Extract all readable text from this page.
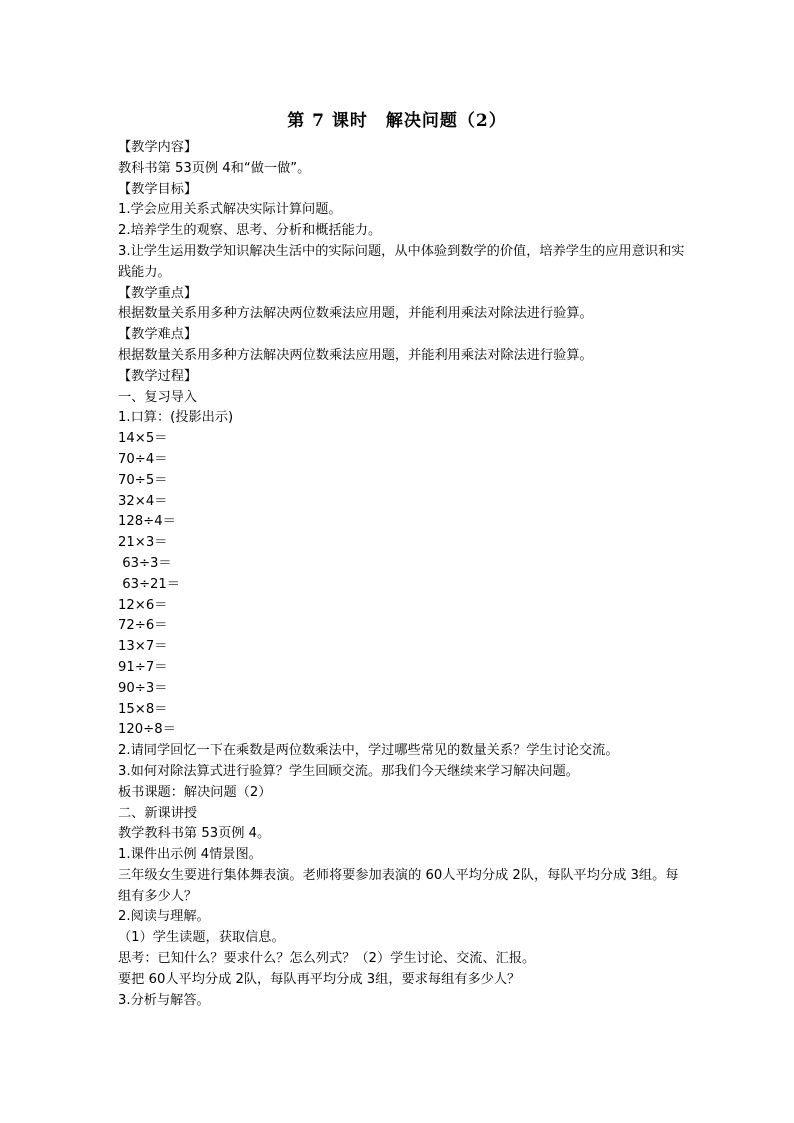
第 7 课时　解决问题（2）
【教学内容】
教科书第 53页例 4和“做一做”。
【教学目标】
1.学会应用关系式解决实际计算问题。
2.培养学生的观察、思考、分析和概括能力。
3.让学生运用数学知识解决生活中的实际问题，从中体验到数学的价值，培养学生的应用意识和实践能力。
【教学重点】
根据数量关系用多种方法解决两位数乘法应用题，并能利用乘法对除法进行验算。
【教学难点】
根据数量关系用多种方法解决两位数乘法应用题，并能利用乘法对除法进行验算。
【教学过程】
一、复习导入
1.口算：(投影出示)
14×5＝
70÷4＝
70÷5＝
32×4＝
128÷4＝
21×3＝
63÷3＝
63÷21＝
12×6＝
72÷6＝
13×7＝
91÷7＝
90÷3＝
15×8＝
120÷8＝
2.请同学回忆一下在乘数是两位数乘法中，学过哪些常见的数量关系？学生讨论交流。
3.如何对除法算式进行验算？学生回顾交流。那我们今天继续来学习解决问题。
板书课题：解决问题（2）
二、新课讲授
教学教科书第 53页例 4。
1.课件出示例 4情景图。
三年级女生要进行集体舞表演。老师将要参加表演的 60人平均分成 2队，每队平均分成 3组。每组有多少人？
2.阅读与理解。
（1）学生读题，获取信息。
思考：已知什么？要求什么？怎么列式？（2）学生讨论、交流、汇报。
要把 60人平均分成 2队，每队再平均分成 3组，要求每组有多少人？
3.分析与解答。
